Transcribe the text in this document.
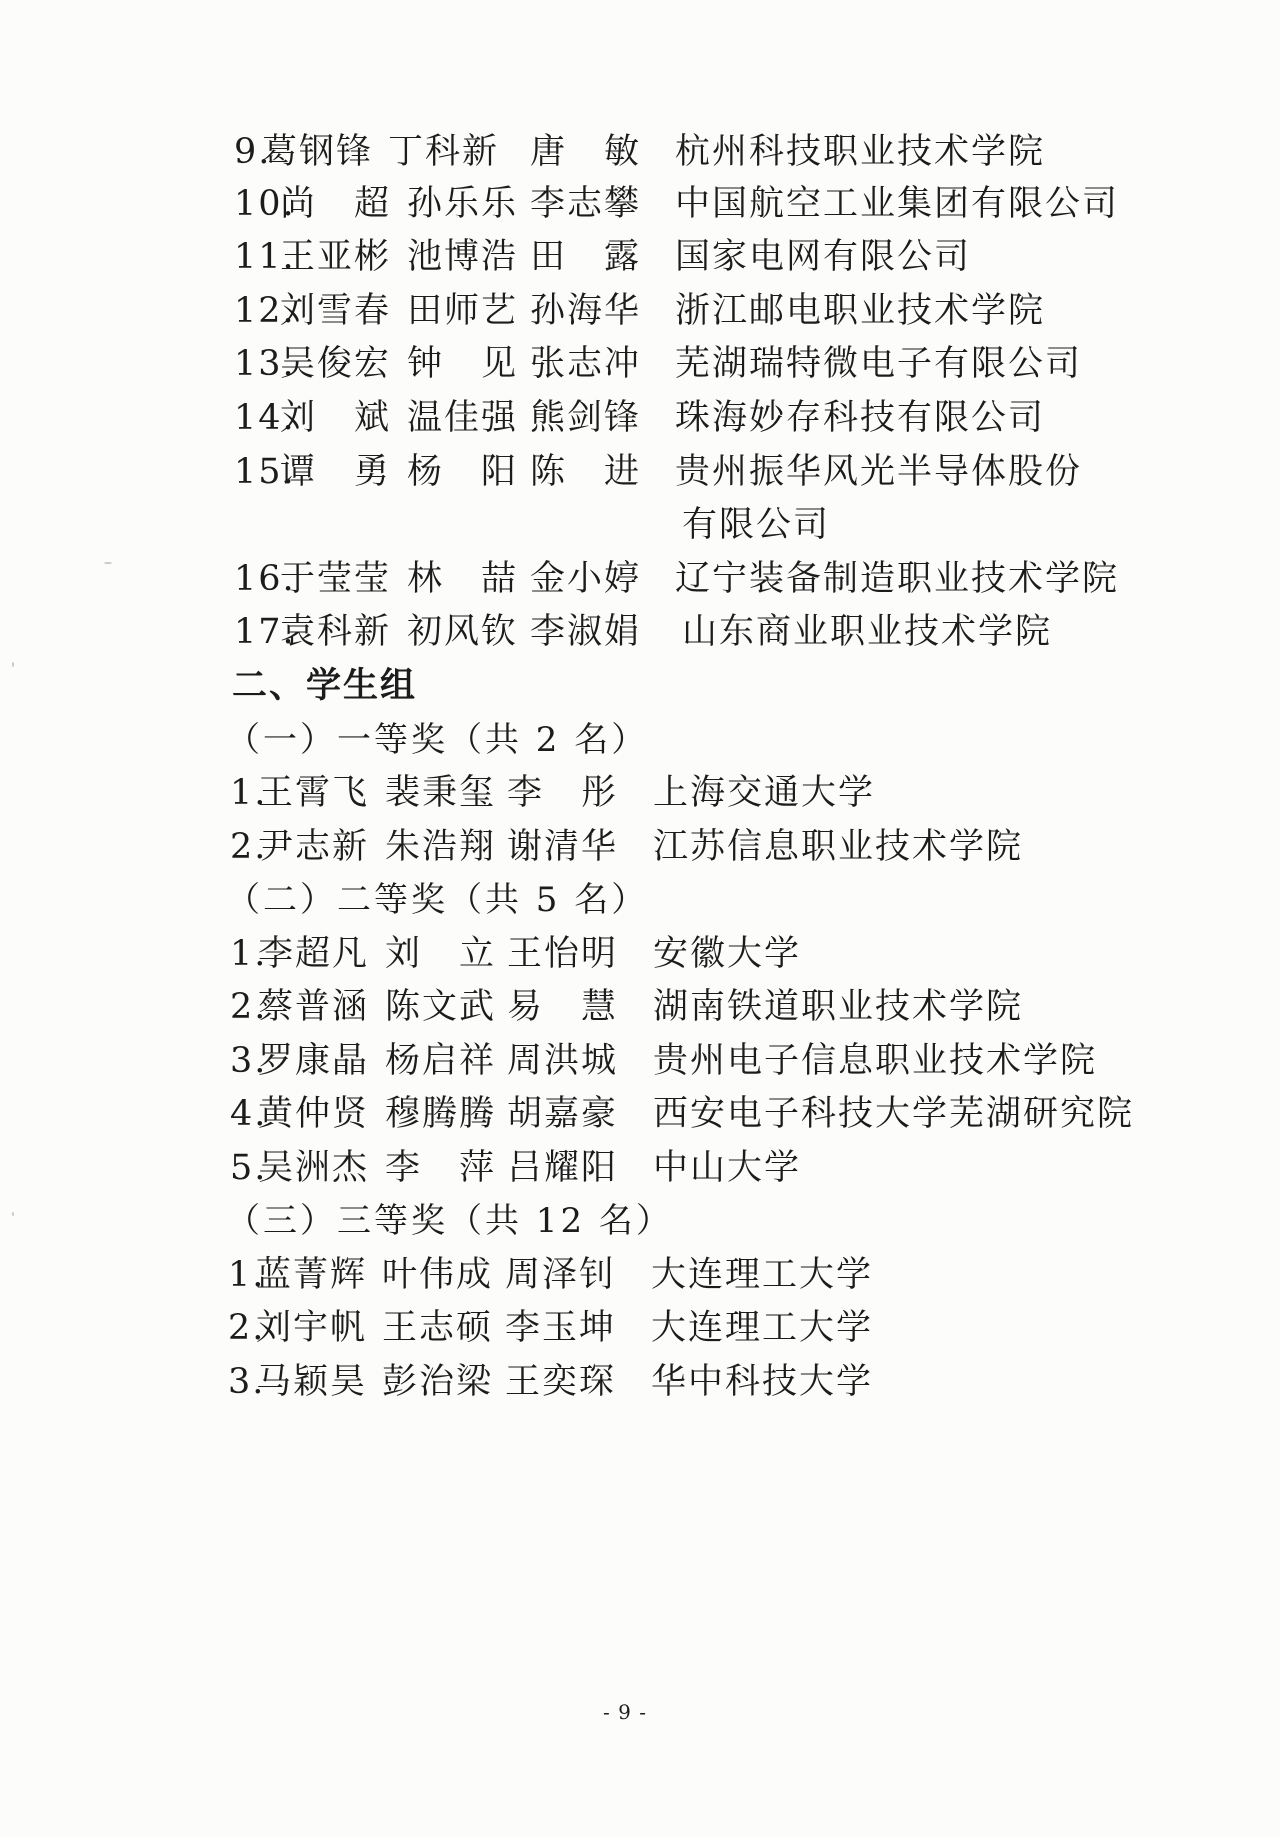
9.
葛钢锋 丁科新 唐　敏 杭州科技职业技术学院
10.
尚　超 孙乐乐 李志攀 中国航空工业集团有限公司
11.
王亚彬 池博浩 田　露 国家电网有限公司
12.
刘雪春 田师艺 孙海华 浙江邮电职业技术学院
13.
吴俊宏 钟　见 张志冲 芜湖瑞特微电子有限公司
14.
刘　斌 温佳强 熊剑锋 珠海妙存科技有限公司
15.
谭　勇 杨　阳 陈　进 贵州振华风光半导体股份
有限公司
16.
于莹莹 林　喆 金小婷 辽宁装备制造职业技术学院
17.
袁科新 初风钦 李淑娟 山东商业职业技术学院
二、学生组
（一）一等奖（共 2 名）
1.
王霄飞 裴秉玺 李　彤 上海交通大学
2.
尹志新 朱浩翔 谢清华 江苏信息职业技术学院
（二）二等奖（共 5 名）
1.
李超凡 刘　立 王怡明 安徽大学
2.
蔡普涵 陈文武 易　慧 湖南铁道职业技术学院
3.
罗康晶 杨启祥 周洪城 贵州电子信息职业技术学院
4.
黄仲贤 穆腾腾 胡嘉豪 西安电子科技大学芜湖研究院
5.
吴洲杰 李　萍 吕耀阳 中山大学
（三）三等奖（共 12 名）
1.
蓝菁辉 叶伟成 周泽钊 大连理工大学
2.
刘宇帆 王志硕 李玉坤 大连理工大学
3.
马颖昊 彭治梁 王奕琛 华中科技大学
- 9 -
